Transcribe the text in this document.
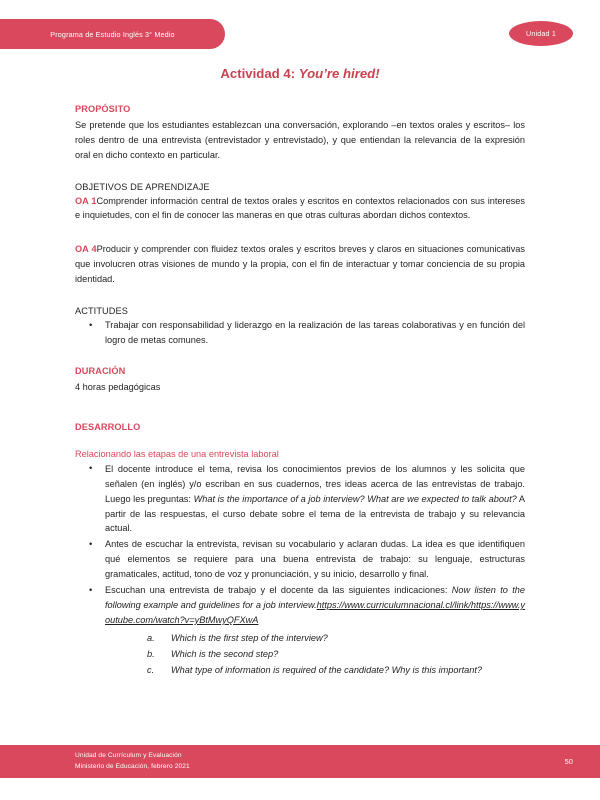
Programa de Estudio Inglés 3° Medio	Unidad 1
Actividad 4: You’re hired!
PROPÓSITO

Se pretende que los estudiantes establezcan una conversación, explorando –en textos orales y escritos– los roles dentro de una entrevista (entrevistador y entrevistado), y que entiendan la relevancia de la expresión oral en dicho contexto en particular.

OBJETIVOS DE APRENDIZAJE

OA 1Comprender información central de textos orales y escritos en contextos relacionados con sus intereses e inquietudes, con el fin de conocer las maneras en que otras culturas abordan dichos contextos.

OA 4Producir y comprender con fluidez textos orales y escritos breves y claros en situaciones comunicativas que involucren otras visiones de mundo y la propia, con el fin de interactuar y tomar conciencia de su propia identidad.

ACTITUDES
• Trabajar con responsabilidad y liderazgo en la realización de las tareas colaborativas y en función del logro de metas comunes.
DURACIÓN

4 horas pedagógicas

DESARROLLO
Relacionando las etapas de una entrevista laboral
• El docente introduce el tema, revisa los conocimientos previos de los alumnos y les solicita que señalen (en inglés) y/o escriban en sus cuadernos, tres ideas acerca de las entrevistas de trabajo. Luego les preguntas: What is the importance of a job interview? What are we expected to talk about? A partir de las respuestas, el curso debate sobre el tema de la entrevista de trabajo y su relevancia actual.
• Antes de escuchar la entrevista, revisan su vocabulario y aclaran dudas. La idea es que identifiquen qué elementos se requiere para una buena entrevista de trabajo: su lenguaje, estructuras gramaticales, actitud, tono de voz y pronunciación, y su inicio, desarrollo y final.
• Escuchan una entrevista de trabajo y el docente da las siguientes indicaciones: Now listen to the following example and guidelines for a job interview.https://www.curriculumnacional.cl/link/https://www.youtube.com/watch?v=yBtMwyQFXwA
a. Which is the first step of the interview?
b. Which is the second step?
c. What type of information is required of the candidate? Why is this important?
Unidad de Currículum y Evaluación
Ministerio de Educación, febrero 2021	50
